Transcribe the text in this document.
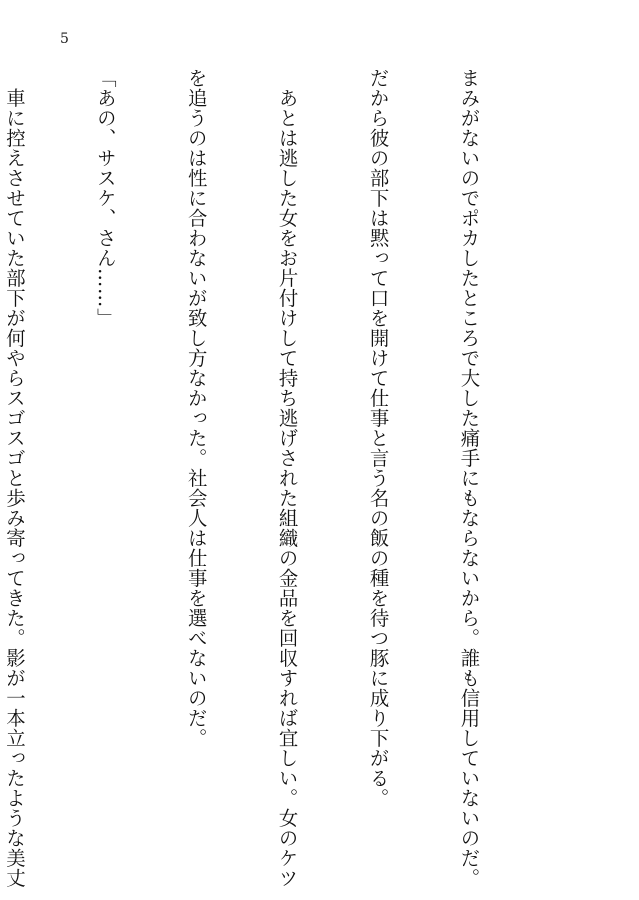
5

まみがないのでポカしたところで大した痛手にもならないから。誰も信用していないのだ。

だから彼の部下は黙って口を開けて仕事と言う名の飯の種を待つ豚に成り下がる。

　あとは逃した女をお片付けして持ち逃げされた組織の金品を回収すれば宜しい。女のケツ

を追うのは性に合わないが致し方なかった。社会人は仕事を選べないのだ。

「あの、サスケ、さん……」

　車に控えさせていた部下が何やらスゴスゴと歩み寄ってきた。影が一本立ったような美丈
